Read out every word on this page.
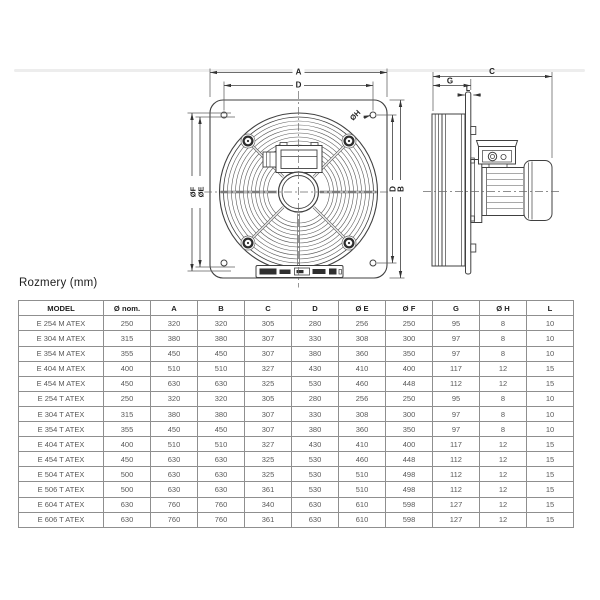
A
D
D B
ØF ØE
ØH
C
G
L
Rozmery (mm)
MODEL	Ø nom.	A	B	C	D	Ø E	Ø F	G	Ø H	L
E 254 M ATEX	250	320	320	305	280	256	250	95	8	10
E 304 M ATEX	315	380	380	307	330	308	300	97	8	10
E 354 M ATEX	355	450	450	307	380	360	350	97	8	10
E 404 M ATEX	400	510	510	327	430	410	400	117	12	15
E 454 M ATEX	450	630	630	325	530	460	448	112	12	15
E 254 T ATEX	250	320	320	305	280	256	250	95	8	10
E 304 T ATEX	315	380	380	307	330	308	300	97	8	10
E 354 T ATEX	355	450	450	307	380	360	350	97	8	10
E 404 T ATEX	400	510	510	327	430	410	400	117	12	15
E 454 T ATEX	450	630	630	325	530	460	448	112	12	15
E 504 T ATEX	500	630	630	325	530	510	498	112	12	15
E 506 T ATEX	500	630	630	361	530	510	498	112	12	15
E 604 T ATEX	630	760	760	340	630	610	598	127	12	15
E 606 T ATEX	630	760	760	361	630	610	598	127	12	15
